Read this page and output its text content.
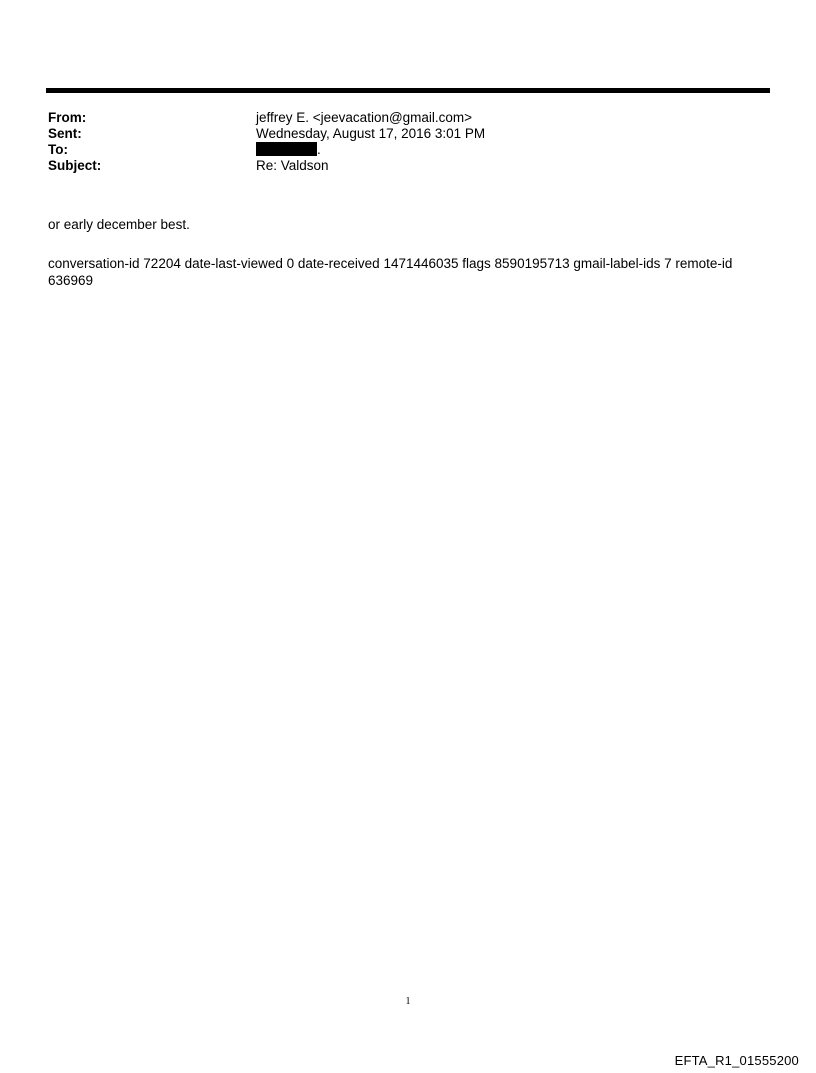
From:	jeffrey E. <jeevacation@gmail.com>
Sent:	Wednesday, August 17, 2016 3:01 PM
To:	.
Subject:	Re: Valdson
or early december best.
conversation-id 72204 date-last-viewed 0 date-received 1471446035 flags 8590195713 gmail-label-ids 7 remote-id 636969
1
EFTA_R1_01555200
